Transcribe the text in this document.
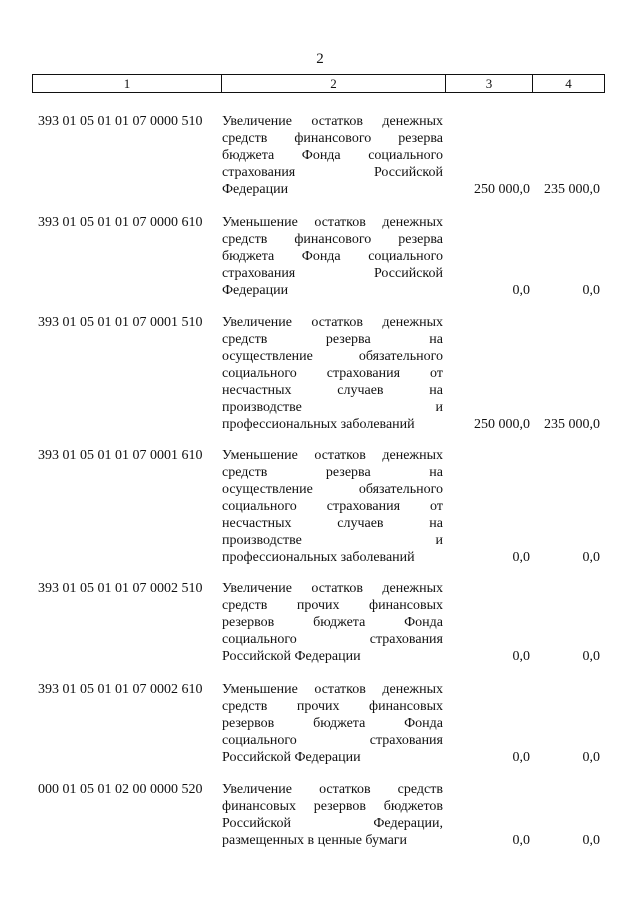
2
1	2	3	4
393 01 05 01 01 07 0000 510 Увеличение остатков денежных
средств финансового резерва
бюджета Фонда социального
страхования Российской
Федерации	250 000,0	235 000,0
393 01 05 01 01 07 0000 610 Уменьшение остатков денежных
средств финансового резерва
бюджета Фонда социального
страхования Российской
Федерации	0,0	0,0
393 01 05 01 01 07 0001 510 Увеличение остатков денежных
средств резерва на
осуществление обязательного
социального страхования от
несчастных случаев на
производстве и
профессиональных заболеваний	250 000,0	235 000,0
393 01 05 01 01 07 0001 610 Уменьшение остатков денежных
средств резерва на
осуществление обязательного
социального страхования от
несчастных случаев на
производстве и
профессиональных заболеваний	0,0	0,0
393 01 05 01 01 07 0002 510 Увеличение остатков денежных
средств прочих финансовых
резервов бюджета Фонда
социального страхования
Российской Федерации	0,0	0,0
393 01 05 01 01 07 0002 610 Уменьшение остатков денежных
средств прочих финансовых
резервов бюджета Фонда
социального страхования
Российской Федерации	0,0	0,0
000 01 05 01 02 00 0000 520 Увеличение остатков средств
финансовых резервов бюджетов
Российской Федерации,
размещенных в ценные бумаги	0,0	0,0
